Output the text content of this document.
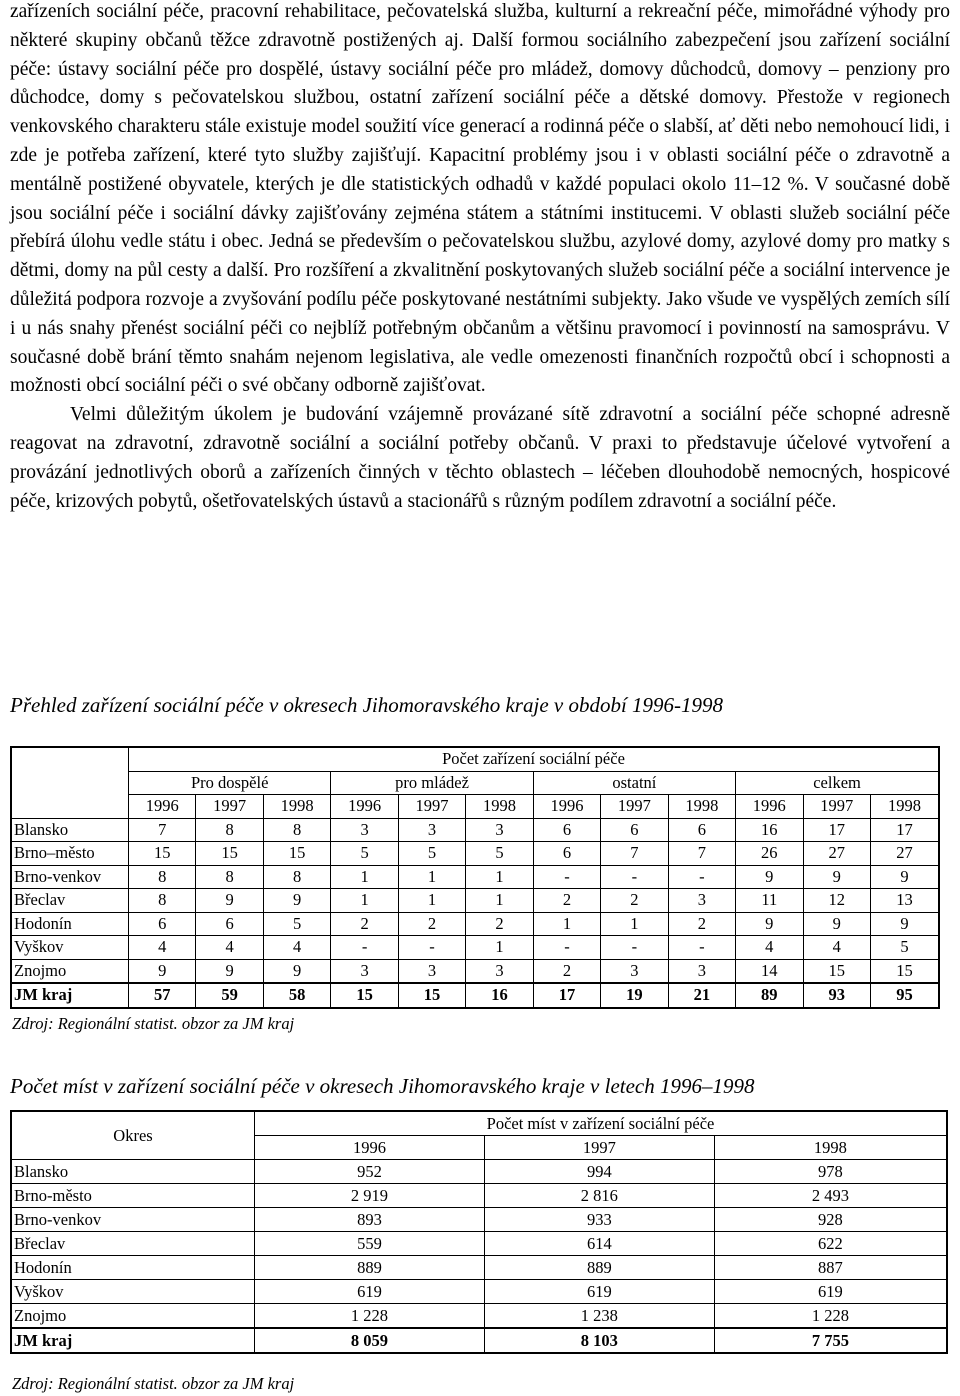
zařízeních sociální péče, pracovní rehabilitace, pečovatelská služba, kulturní a rekreační péče, mimořádné výhody pro některé skupiny občanů těžce zdravotně postižených aj. Další formou sociálního zabezpečení jsou zařízení sociální péče: ústavy sociální péče pro dospělé, ústavy sociální péče pro mládež, domovy důchodců, domovy – penziony pro důchodce, domy s pečovatelskou službou, ostatní zařízení sociální péče a dětské domovy. Přestože v regionech venkovského charakteru stále existuje model soužití více generací a rodinná péče o slabší, ať děti nebo nemohoucí lidi, i zde je potřeba zařízení, které tyto služby zajišťují. Kapacitní problémy jsou i v oblasti sociální péče o zdravotně a mentálně postižené obyvatele, kterých je dle statistických odhadů v každé populaci okolo 11–12 %. V současné době jsou sociální péče i sociální dávky zajišťovány zejména státem a státními institucemi. V oblasti služeb sociální péče přebírá úlohu vedle státu i obec. Jedná se především o pečovatelskou službu, azylové domy, azylové domy pro matky s dětmi, domy na půl cesty a další. Pro rozšíření a zkvalitnění poskytovaných služeb sociální péče a sociální intervence je důležitá podpora rozvoje a zvyšování podílu péče poskytované nestátními subjekty. Jako všude ve vyspělých zemích sílí i u nás snahy přenést sociální péči co nejblíž potřebným občanům a většinu pravomocí i povinností na samosprávu. V současné době brání těmto snahám nejenom legislativa, ale vedle omezenosti finančních rozpočtů obcí i schopnosti a možnosti obcí sociální péči o své občany odborně zajišťovat.

Velmi důležitým úkolem je budování vzájemně provázané sítě zdravotní a sociální péče schopné adresně reagovat na zdravotní, zdravotně sociální a sociální potřeby občanů. V praxi to představuje účelové vytvoření a provázání jednotlivých oborů a zařízeních činných v těchto oblastech – léčeben dlouhodobě nemocných, hospicové péče, krizových pobytů, ošetřovatelských ústavů a stacionářů s různým podílem zdravotní a sociální péče.

Přehled zařízení sociální péče v okresech Jihomoravského kraje v období 1996-1998

	Počet zařízení sociální péče											
	Pro dospělé			pro mládež			ostatní			celkem		
	1996	1997	1998	1996	1997	1998	1996	1997	1998	1996	1997	1998
Blansko	7	8	8	3	3	3	6	6	6	16	17	17
Brno–město	15	15	15	5	5	5	6	7	7	26	27	27
Brno-venkov	8	8	8	1	1	1	-	-	-	9	9	9
Břeclav	8	9	9	1	1	1	2	2	3	11	12	13
Hodonín	6	6	5	2	2	2	1	1	2	9	9	9
Vyškov	4	4	4	-	-	1	-	-	-	4	4	5
Znojmo	9	9	9	3	3	3	2	3	3	14	15	15
JM kraj	57	59	58	15	15	16	17	19	21	89	93	95

Zdroj: Regionální statist. obzor za JM kraj

Počet míst v zařízení sociální péče v okresech Jihomoravského kraje v letech 1996–1998

Okres	Počet míst v zařízení sociální péče		
	1996	1997	1998
Blansko	952	994	978
Brno-město	2 919	2 816	2 493
Brno-venkov	893	933	928
Břeclav	559	614	622
Hodonín	889	889	887
Vyškov	619	619	619
Znojmo	1 228	1 238	1 228
JM kraj	8 059	8 103	7 755

Zdroj: Regionální statist. obzor za JM kraj
